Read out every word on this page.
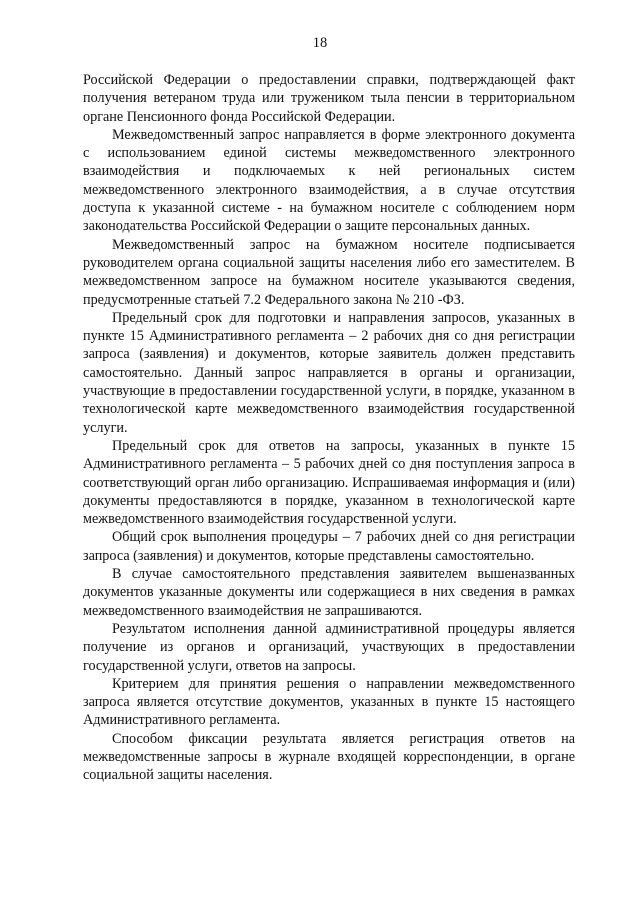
18

Российской Федерации о предоставлении справки, подтверждающей факт получения ветераном труда или тружеником тыла пенсии в территориальном органе Пенсионного фонда Российской Федерации.

Межведомственный запрос направляется в форме электронного документа с использованием единой системы межведомственного электронного взаимодействия и подключаемых к ней региональных систем межведомственного электронного взаимодействия, а в случае отсутствия доступа к указанной системе - на бумажном носителе с соблюдением норм законодательства Российской Федерации о защите персональных данных.

Межведомственный запрос на бумажном носителе подписывается руководителем органа социальной защиты населения либо его заместителем. В межведомственном запросе на бумажном носителе указываются сведения, предусмотренные статьей 7.2 Федерального закона № 210 -ФЗ.

Предельный срок для подготовки и направления запросов, указанных в пункте 15 Административного регламента – 2 рабочих дня со дня регистрации запроса (заявления) и документов, которые заявитель должен представить самостоятельно. Данный запрос направляется в органы и организации, участвующие в предоставлении государственной услуги, в порядке, указанном в технологической карте межведомственного взаимодействия государственной услуги.

Предельный срок для ответов на запросы, указанных в пункте 15 Административного регламента – 5 рабочих дней со дня поступления запроса в соответствующий орган либо организацию. Испрашиваемая информация и (или) документы предоставляются в порядке, указанном в технологической карте межведомственного взаимодействия государственной услуги.

Общий срок выполнения процедуры – 7 рабочих дней со дня регистрации запроса (заявления) и документов, которые представлены самостоятельно.

В случае самостоятельного представления заявителем вышеназванных документов указанные документы или содержащиеся в них сведения в рамках межведомственного взаимодействия не запрашиваются.

Результатом исполнения данной административной процедуры является получение из органов и организаций, участвующих в предоставлении государственной услуги, ответов на запросы.

Критерием для принятия решения о направлении межведомственного запроса является отсутствие документов, указанных в пункте 15 настоящего Административного регламента.

Способом фиксации результата является регистрация ответов на межведомственные запросы в журнале входящей корреспонденции, в органе социальной защиты населения.
